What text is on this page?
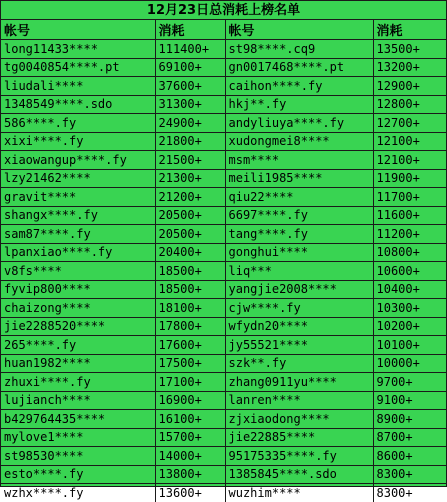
12月23日总消耗上榜名单
帐号	消耗	帐号	消耗
long11433****	111400+	st98****.cq9	13500+
tg0040854****.pt	69100+	gn0017468****.pt	13200+
liudali****	37600+	caihon****.fy	12900+
1348549****.sdo	31300+	hkj**.fy	12800+
586****.fy	24900+	andyliuya****.fy	12700+
xixi****.fy	21800+	xudongmei8****	12100+
xiaowangup****.fy	21500+	msm****	12100+
lzy21462****	21300+	meili1985****	11900+
gravit****	21200+	qiu22****	11700+
shangx****.fy	20500+	6697****.fy	11600+
sam87****.fy	20500+	tang****.fy	11200+
lpanxiao****.fy	20400+	gonghui****	10800+
v8fs****	18500+	liq***	10600+
fyvip800****	18500+	yangjie2008****	10400+
chaizong****	18100+	cjw****.fy	10300+
jie2288520****	17800+	wfydn20****	10200+
265****.fy	17600+	jy55521****	10100+
huan1982****	17500+	szk**.fy	10000+
zhuxi****.fy	17100+	zhang0911yu****	9700+
lujianch****	16900+	lanren****	9100+
b429764435****	16100+	zjxiaodong****	8900+
mylove1****	15700+	jie22885****	8700+
st98530****	14000+	95175335****.fy	8600+
esto****.fy	13800+	1385845****.sdo	8300+
wzhx****.fy	13600+	wuzhim****	8300+
